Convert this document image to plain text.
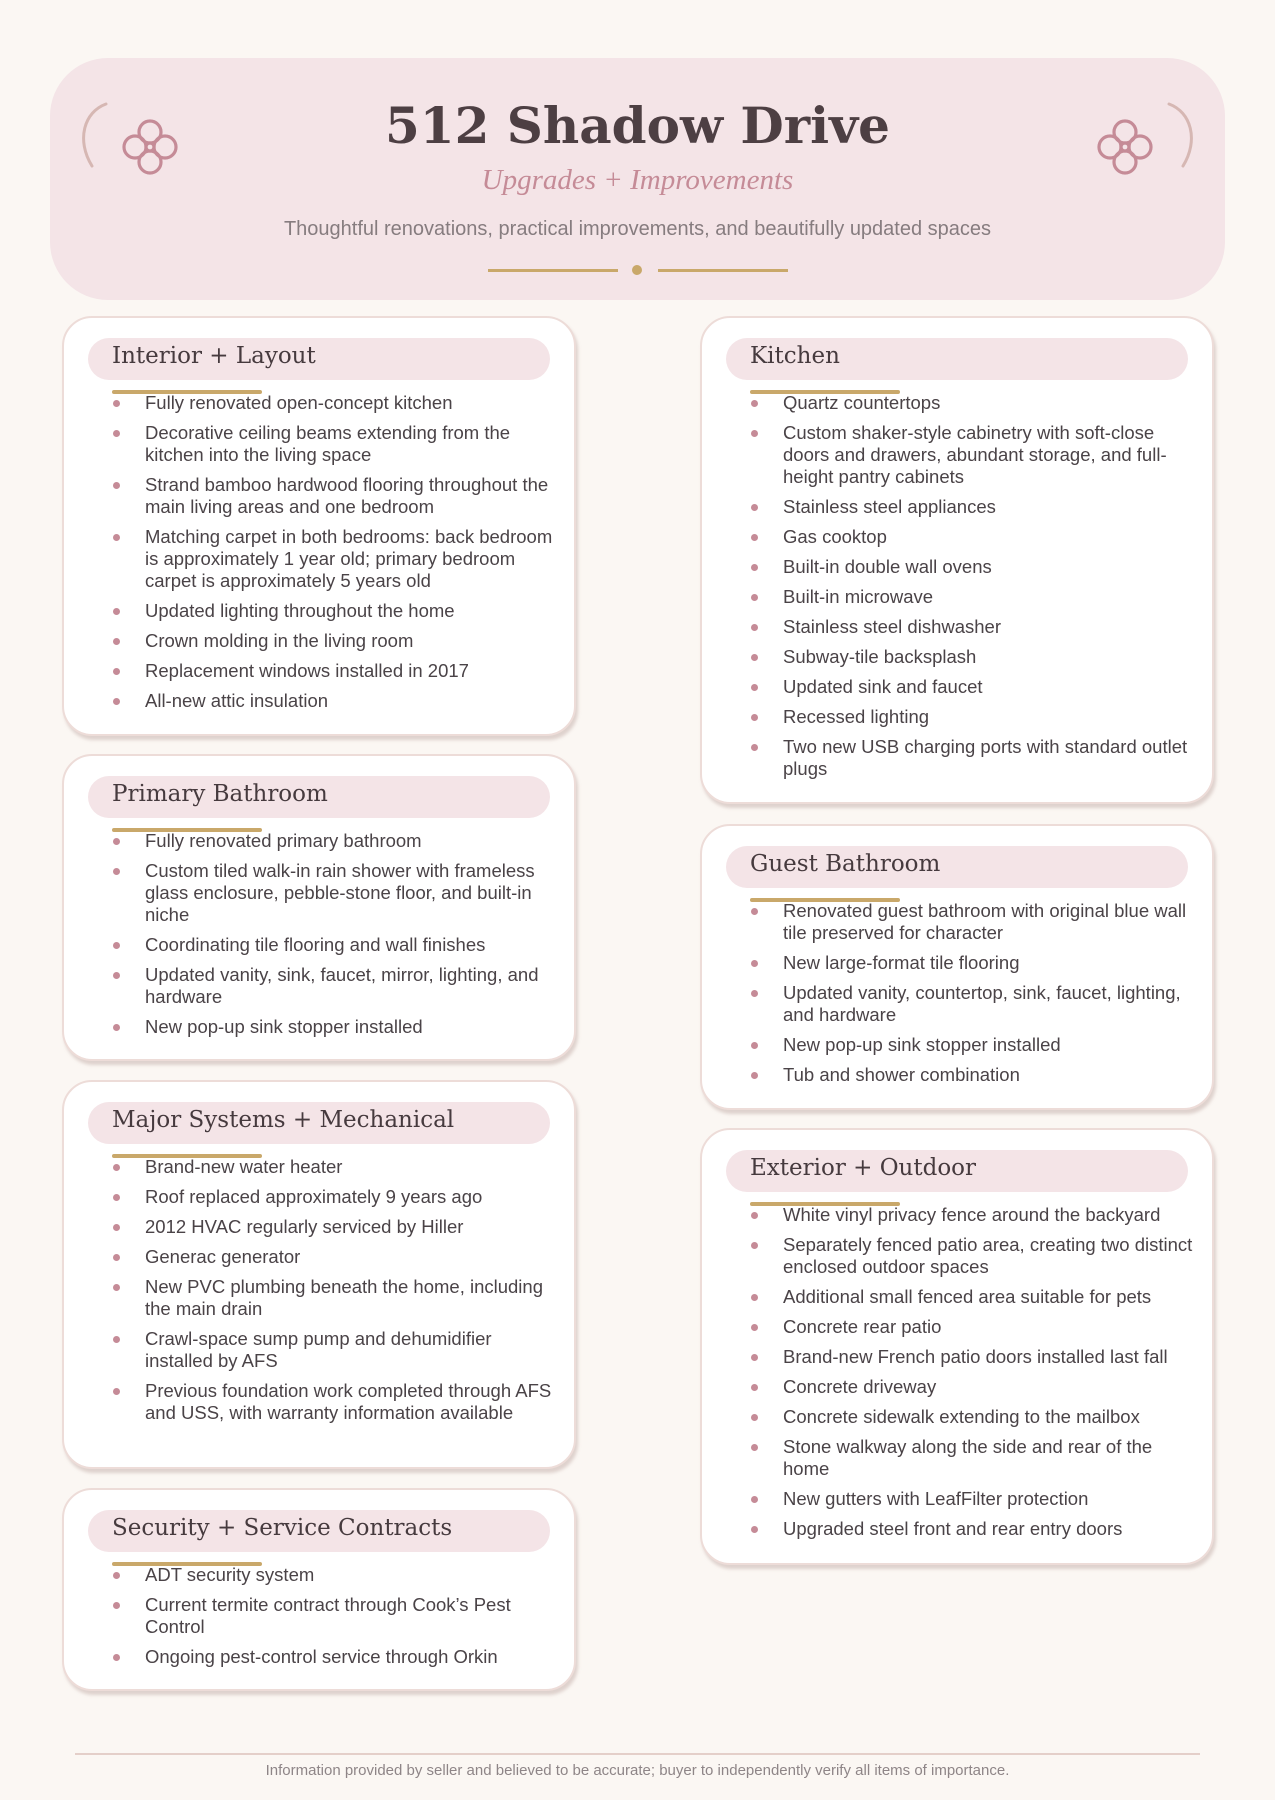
512 Shadow Drive
Upgrades + Improvements
Thoughtful renovations, practical improvements, and beautifully updated spaces
Interior + Layout
Fully renovated open-concept kitchen
Decorative ceiling beams extending from the kitchen into the living space
Strand bamboo hardwood flooring throughout the main living areas and one bedroom
Matching carpet in both bedrooms: back bedroom is approximately 1 year old; primary bedroom carpet is approximately 5 years old
Updated lighting throughout the home
Crown molding in the living room
Replacement windows installed in 2017
All-new attic insulation
Primary Bathroom
Fully renovated primary bathroom
Custom tiled walk-in rain shower with frameless glass enclosure, pebble-stone floor, and built-in niche
Coordinating tile flooring and wall finishes
Updated vanity, sink, faucet, mirror, lighting, and hardware
New pop-up sink stopper installed
Major Systems + Mechanical
Brand-new water heater
Roof replaced approximately 9 years ago
2012 HVAC regularly serviced by Hiller
Generac generator
New PVC plumbing beneath the home, including the main drain
Crawl-space sump pump and dehumidifier installed by AFS
Previous foundation work completed through AFS and USS, with warranty information available
Security + Service Contracts
ADT security system
Current termite contract through Cook’s Pest Control
Ongoing pest-control service through Orkin
Kitchen
Quartz countertops
Custom shaker-style cabinetry with soft-close doors and drawers, abundant storage, and full-height pantry cabinets
Stainless steel appliances
Gas cooktop
Built-in double wall ovens
Built-in microwave
Stainless steel dishwasher
Subway-tile backsplash
Updated sink and faucet
Recessed lighting
Two new USB charging ports with standard outlet plugs
Guest Bathroom
Renovated guest bathroom with original blue wall tile preserved for character
New large-format tile flooring
Updated vanity, countertop, sink, faucet, lighting, and hardware
New pop-up sink stopper installed
Tub and shower combination
Exterior + Outdoor
White vinyl privacy fence around the backyard
Separately fenced patio area, creating two distinct enclosed outdoor spaces
Additional small fenced area suitable for pets
Concrete rear patio
Brand-new French patio doors installed last fall
Concrete driveway
Concrete sidewalk extending to the mailbox
Stone walkway along the side and rear of the home
New gutters with LeafFilter protection
Upgraded steel front and rear entry doors
Information provided by seller and believed to be accurate; buyer to independently verify all items of importance.
